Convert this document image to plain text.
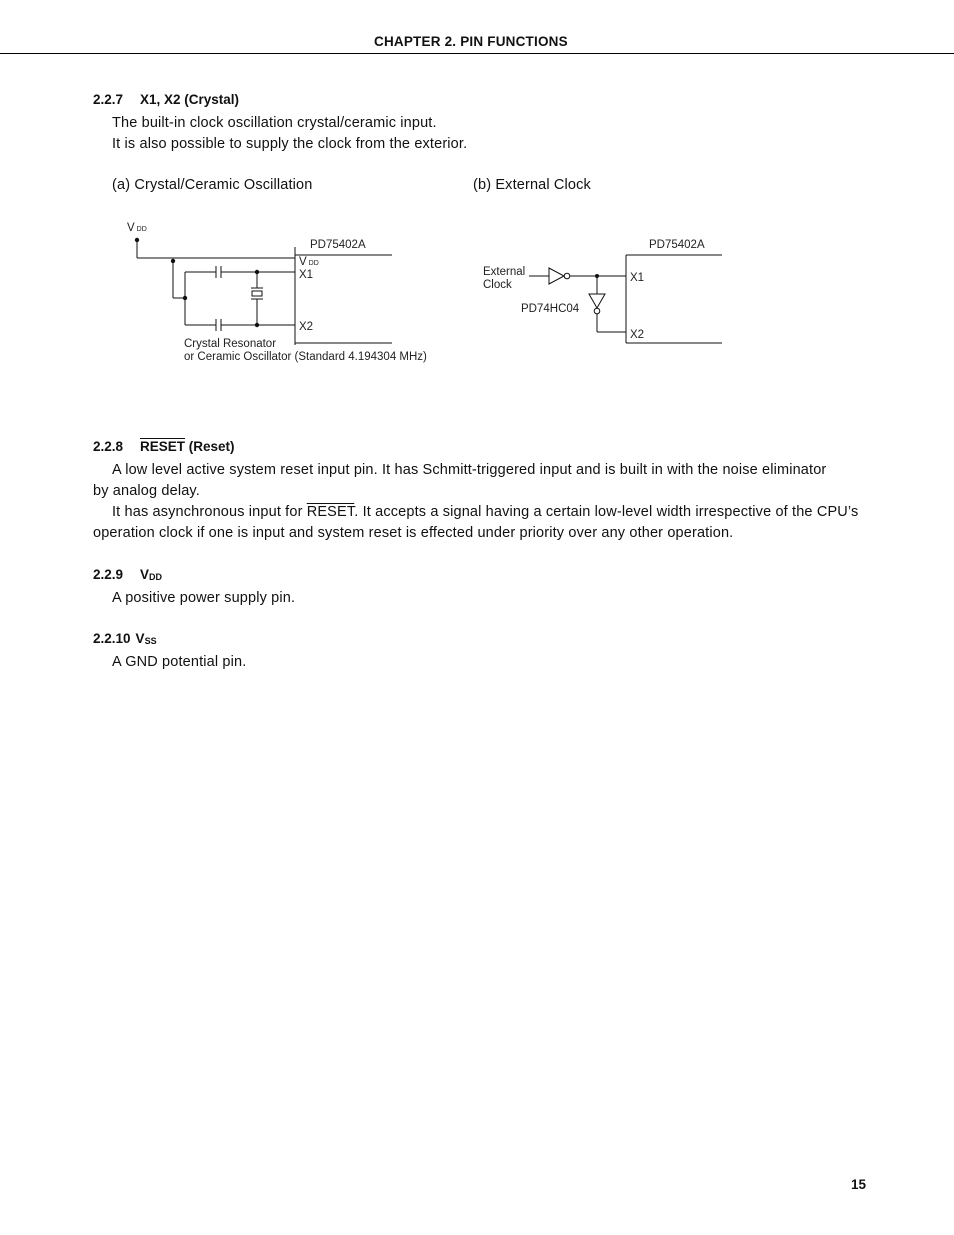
CHAPTER 2. PIN FUNCTIONS
2.2.7 X1, X2 (Crystal)
The built-in clock oscillation crystal/ceramic input.
It is also possible to supply the clock from the exterior.
(a) Crystal/Ceramic Oscillation	(b) External Clock
VDD
PD75402A
VDD
X1
X2
Crystal Resonator
or Ceramic Oscillator (Standard 4.194304 MHz)
PD75402A
External
Clock
PD74HC04
X1
X2
2.2.8 RESET (Reset)
A low level active system reset input pin. It has Schmitt-triggered input and is built in with the noise eliminator
by analog delay.
It has asynchronous input for RESET. It accepts a signal having a certain low-level width irrespective of the CPU’s
operation clock if one is input and system reset is effected under priority over any other operation.
2.2.9 $V_{DD}$
A positive power supply pin.
2.2.10 $V_{SS}$
A GND potential pin.
15
